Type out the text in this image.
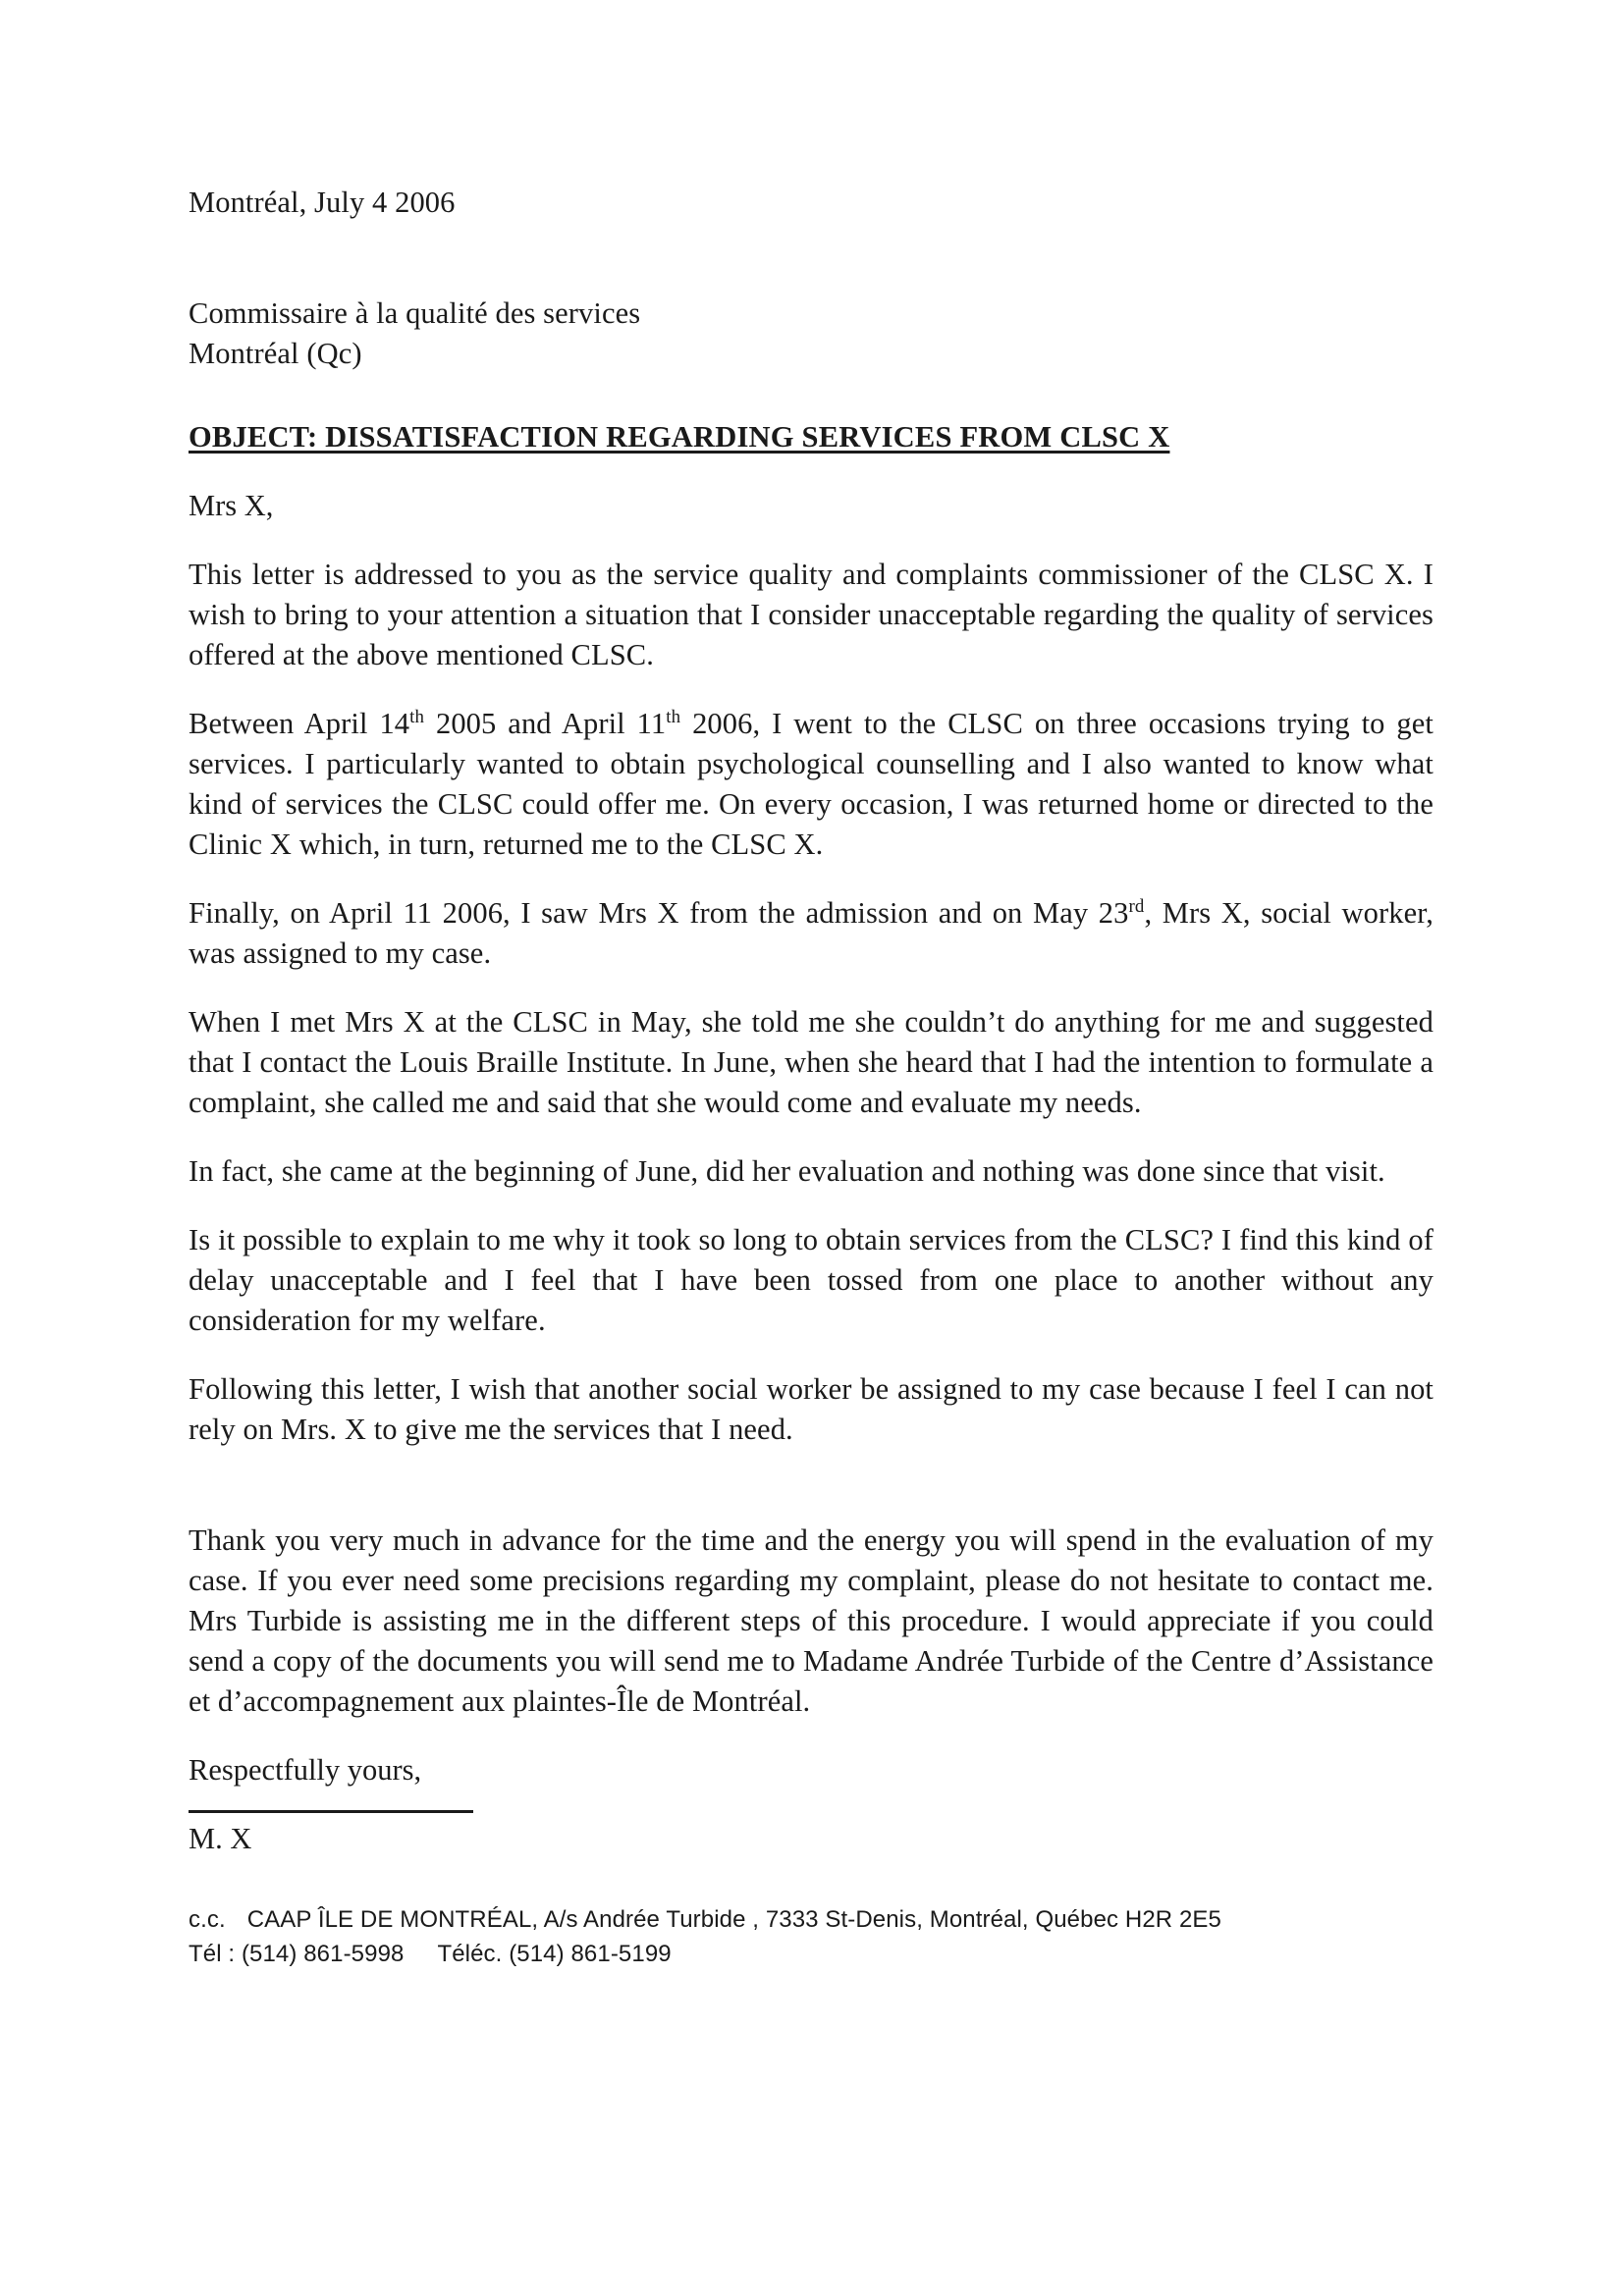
Montréal, July 4 2006
Commissaire à la qualité des services
Montréal (Qc)
OBJECT: DISSATISFACTION REGARDING SERVICES FROM CLSC X
Mrs X,

This letter is addressed to you as the service quality and complaints commissioner of the CLSC X. I wish to bring to your attention a situation that I consider unacceptable regarding the quality of services offered at the above mentioned CLSC.

Between April 14th 2005 and April 11th 2006, I went to the CLSC on three occasions trying to get services. I particularly wanted to obtain psychological counselling and I also wanted to know what kind of services the CLSC could offer me. On every occasion, I was returned home or directed to the Clinic X which, in turn, returned me to the CLSC X.

Finally, on April 11 2006, I saw Mrs X from the admission and on May 23rd, Mrs X, social worker, was assigned to my case.

When I met Mrs X at the CLSC in May, she told me she couldn’t do anything for me and suggested that I contact the Louis Braille Institute. In June, when she heard that I had the intention to formulate a complaint, she called me and said that she would come and evaluate my needs.

In fact, she came at the beginning of June, did her evaluation and nothing was done since that visit.

Is it possible to explain to me why it took so long to obtain services from the CLSC? I find this kind of delay unacceptable and I feel that I have been tossed from one place to another without any consideration for my welfare.

Following this letter, I wish that another social worker be assigned to my case because I feel I can not rely on Mrs. X to give me the services that I need.

Thank you very much in advance for the time and the energy you will spend in the evaluation of my case. If you ever need some precisions regarding my complaint, please do not hesitate to contact me. Mrs Turbide is assisting me in the different steps of this procedure. I would appreciate if you could send a copy of the documents you will send me to Madame Andrée Turbide of the Centre d’Assistance et d’accompagnement aux plaintes-Île de Montréal.

Respectfully yours,
M. X
c.c. CAAP ÎLE DE MONTRÉAL, A/s Andrée Turbide , 7333 St-Denis, Montréal, Québec H2R 2E5
Tél : (514) 861-5998 Téléc. (514) 861-5199
